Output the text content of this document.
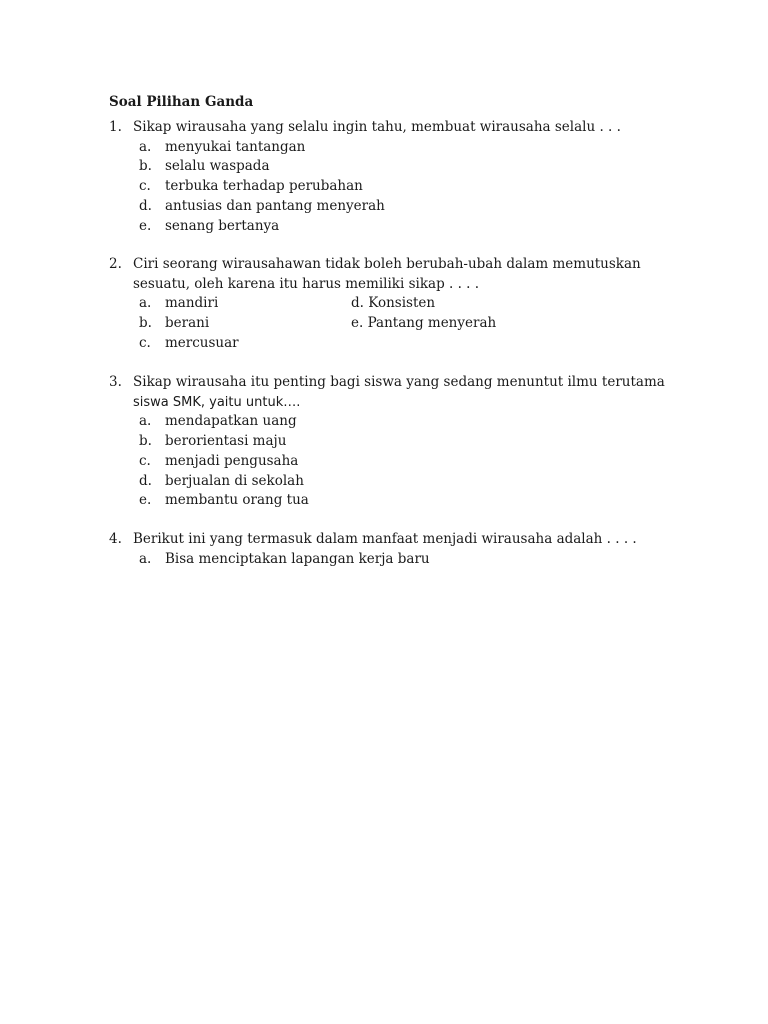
Soal Pilihan Ganda
1. Sikap wirausaha yang selalu ingin tahu, membuat wirausaha selalu . . .
a.	menyukai tantangan
b. selalu waspada
c.	terbuka terhadap perubahan
d. antusias dan pantang menyerah
e.	senang bertanya
2. Ciri seorang wirausahawan tidak boleh berubah-ubah dalam memutuskan
sesuatu, oleh karena itu harus memiliki sikap . . . .
a.	mandiri	d. Konsisten
b. berani	e. Pantang menyerah
c.	mercusuar
3. Sikap wirausaha itu penting bagi siswa yang sedang menuntut ilmu terutama
siswa SMK, yaitu untuk….
a.	mendapatkan uang
b. berorientasi maju
c.	menjadi pengusaha
d. berjualan di sekolah
e.	membantu orang tua
4. Berikut ini yang termasuk dalam manfaat menjadi wirausaha adalah . . . .
a.	Bisa menciptakan lapangan kerja baru
